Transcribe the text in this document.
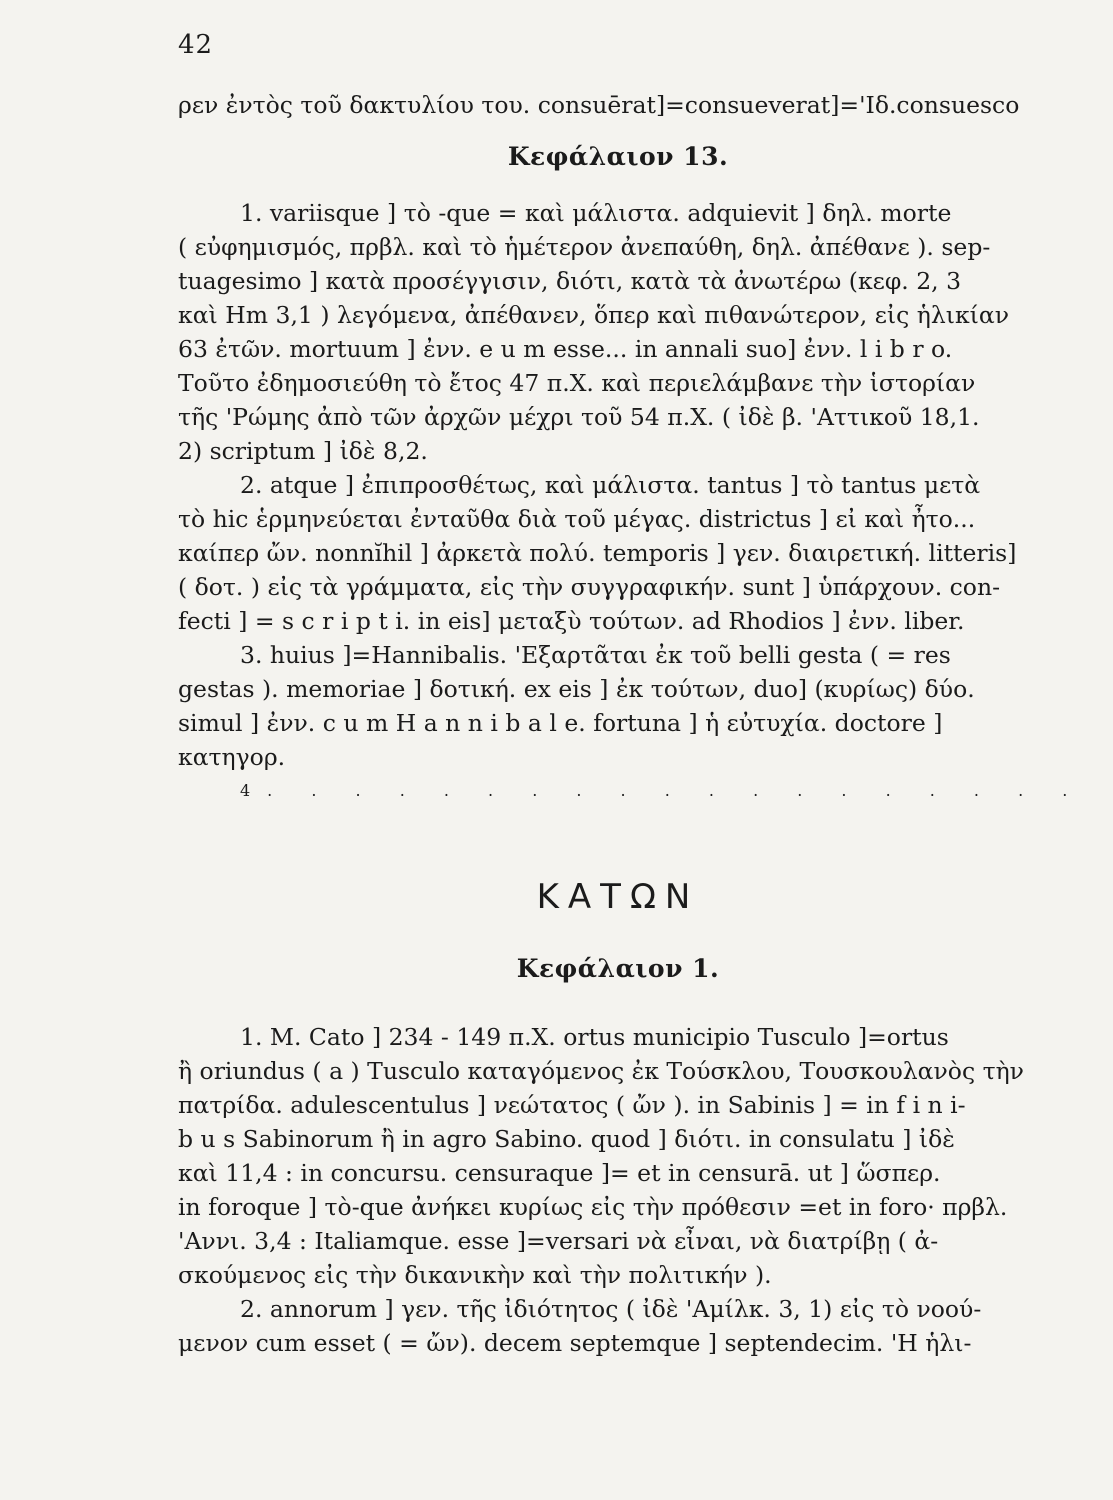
42
ρεν ἐντὸς τοῦ δακτυλίου του. consuērat]=consueverat]='Ιδ.consuesco
Κεφάλαιον 13.
1. variisque ] τὸ -que = καὶ μάλιστα. adquievit ] δηλ. morte
( εὐφημισμός, πρβλ. καὶ τὸ ἡμέτερον ἀνεπαύθη, δηλ. ἀπέθανε ). sep-
tuagesimo ] κατὰ προσέγγισιν, διότι, κατὰ τὰ ἀνωτέρω (κεφ. 2, 3
καὶ Hm 3,1 ) λεγόμενα, ἀπέθανεν, ὅπερ καὶ πιθανώτερον, εἰς ἡλικίαν
63 ἐτῶν. mortuum ] ἐνν. e u m esse... in annali suo] ἐνν. l i b r o.
Τοῦτο ἐδημοσιεύθη τὸ ἔτος 47 π.Χ. καὶ περιελάμβανε τὴν ἱστορίαν
τῆς 'Ρώμης ἀπὸ τῶν ἀρχῶν μέχρι τοῦ 54 π.Χ. ( ἰδὲ β. 'Αττικοῦ 18,1.
2) scriptum ] ἰδὲ 8,2.
2. atque ] ἐπιπροσθέτως, καὶ μάλιστα. tantus ] τὸ tantus μετὰ
τὸ hic ἑρμηνεύεται ἐνταῦθα διὰ τοῦ μέγας. districtus ] εἰ καὶ ἦτο...
καίπερ ὤν. nonnĭhil ] ἀρκετὰ πολύ. temporis ] γεν. διαιρετική. litteris]
( δοτ. ) εἰς τὰ γράμματα, εἰς τὴν συγγραφικήν. sunt ] ὑπάρχουν. con-
fecti ] = s c r i p t i. in eis] μεταξὺ τούτων. ad Rhodios ] ἐνν. liber.
3. huius ]=Hannibalis. 'Εξαρτᾶται ἐκ τοῦ belli gesta ( = res
gestas ). memoriae ] δοτική. ex eis ] ἐκ τούτων, duo] (κυρίως) δύο.
simul ] ἐνν. c u m H a n n i b a l e. fortuna ] ἡ εὐτυχία. doctore ]
κατηγορ.
4. . . . . . . . . . . . . . . . . . .
ΚΑΤΩΝ
Κεφάλαιον 1.
1. M. Cato ] 234 - 149 π.Χ. ortus municipio Tusculo ]=ortus
ἢ oriundus ( a ) Tusculo καταγόμενος ἐκ Τούσκλου, Τουσκουλανὸς τὴν
πατρίδα. adulescentulus ] νεώτατος ( ὤν ). in Sabinis ] = in f i n i-
b u s Sabinorum ἢ in agro Sabino. quod ] διότι. in consulatu ] ἰδὲ
καὶ 11,4 : in concursu. censuraque ]= et in censurā. ut ] ὥσπερ.
in foroque ] τὸ-que ἀνήκει κυρίως εἰς τὴν πρόθεσιν =et in foro· πρβλ.
'Αννι. 3,4 : Italiamque. esse ]=versari νὰ εἶναι, νὰ διατρίβῃ ( ἀ-
σκούμενος εἰς τὴν δικανικὴν καὶ τὴν πολιτικήν ).
2. annorum ] γεν. τῆς ἰδιότητος ( ἰδὲ 'Αμίλκ. 3, 1) εἰς τὸ νοού-
μενον cum esset ( = ὤν). decem septemque ] septendecim. 'Η ἡλι-
